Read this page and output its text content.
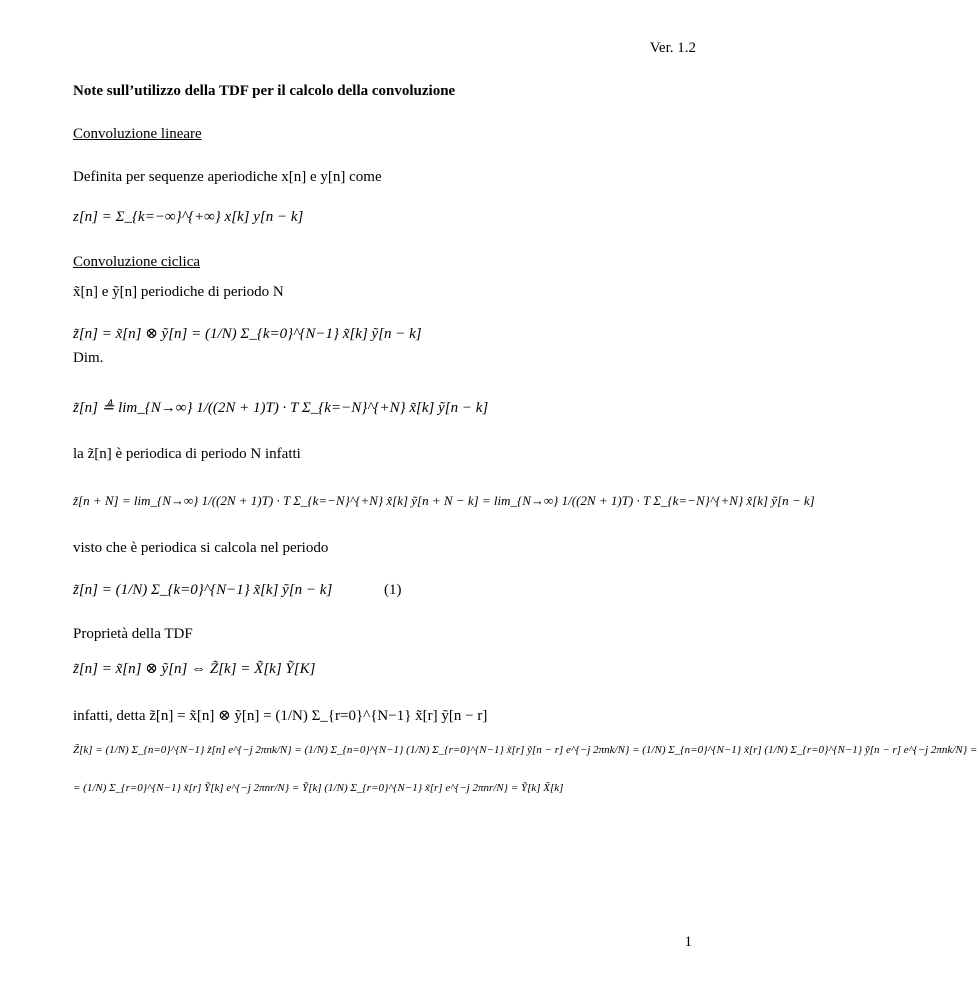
Ver. 1.2
Note sull’utilizzo della TDF per il calcolo della convoluzione
Convoluzione lineare
Definita per sequenze aperiodiche x[n] e y[n] come
z[n] = Σ_{k=−∞}^{+∞} x[k] y[n − k]
Convoluzione ciclica
x̃[n] e ỹ[n] periodiche di periodo N
z̃[n] = x̃[n] ⊗ ỹ[n] = (1/N) Σ_{k=0}^{N−1} x̃[k] ỹ[n − k]
Dim.
z̃[n] ≜ lim_{N→∞} 1/((2N + 1)T) · T Σ_{k=−N}^{+N} x̃[k] ỹ[n − k]
la z̃[n] è periodica di periodo N infatti
z̃[n + N] = lim_{N→∞} 1/((2N + 1)T) · T Σ_{k=−N}^{+N} x̃[k] ỹ[n + N − k] = lim_{N→∞} 1/((2N + 1)T) · T Σ_{k=−N}^{+N} x̃[k] ỹ[n − k]
visto che è periodica si calcola nel periodo
z̃[n] = (1/N) Σ_{k=0}^{N−1} x̃[k] ỹ[n − k]	(1)
Proprietà della TDF
z̃[n] = x̃[n] ⊗ ỹ[n] ⇔ Z̃[k] = X̃[k] Ỹ[K]
infatti, detta z̃[n] = x̃[n] ⊗ ỹ[n] = (1/N) Σ_{r=0}^{N−1} x̃[r] ỹ[n − r]
Z̃[k] = (1/N) Σ_{n=0}^{N−1} z̃[n] e^{−j 2πnk/N} = (1/N) Σ_{n=0}^{N−1} (1/N) Σ_{r=0}^{N−1} x̃[r] ỹ[n − r] e^{−j 2πnk/N} = (1/N) Σ_{n=0}^{N−1} x̃[r] (1/N) Σ_{r=0}^{N−1} ỹ[n − r] e^{−j 2πnk/N} =
= (1/N) Σ_{r=0}^{N−1} x̃[r] Ỹ[k] e^{−j 2πnr/N} = Ỹ[k] (1/N) Σ_{r=0}^{N−1} x̃[r] e^{−j 2πnr/N} = Ỹ[k] X̃[k]
1
